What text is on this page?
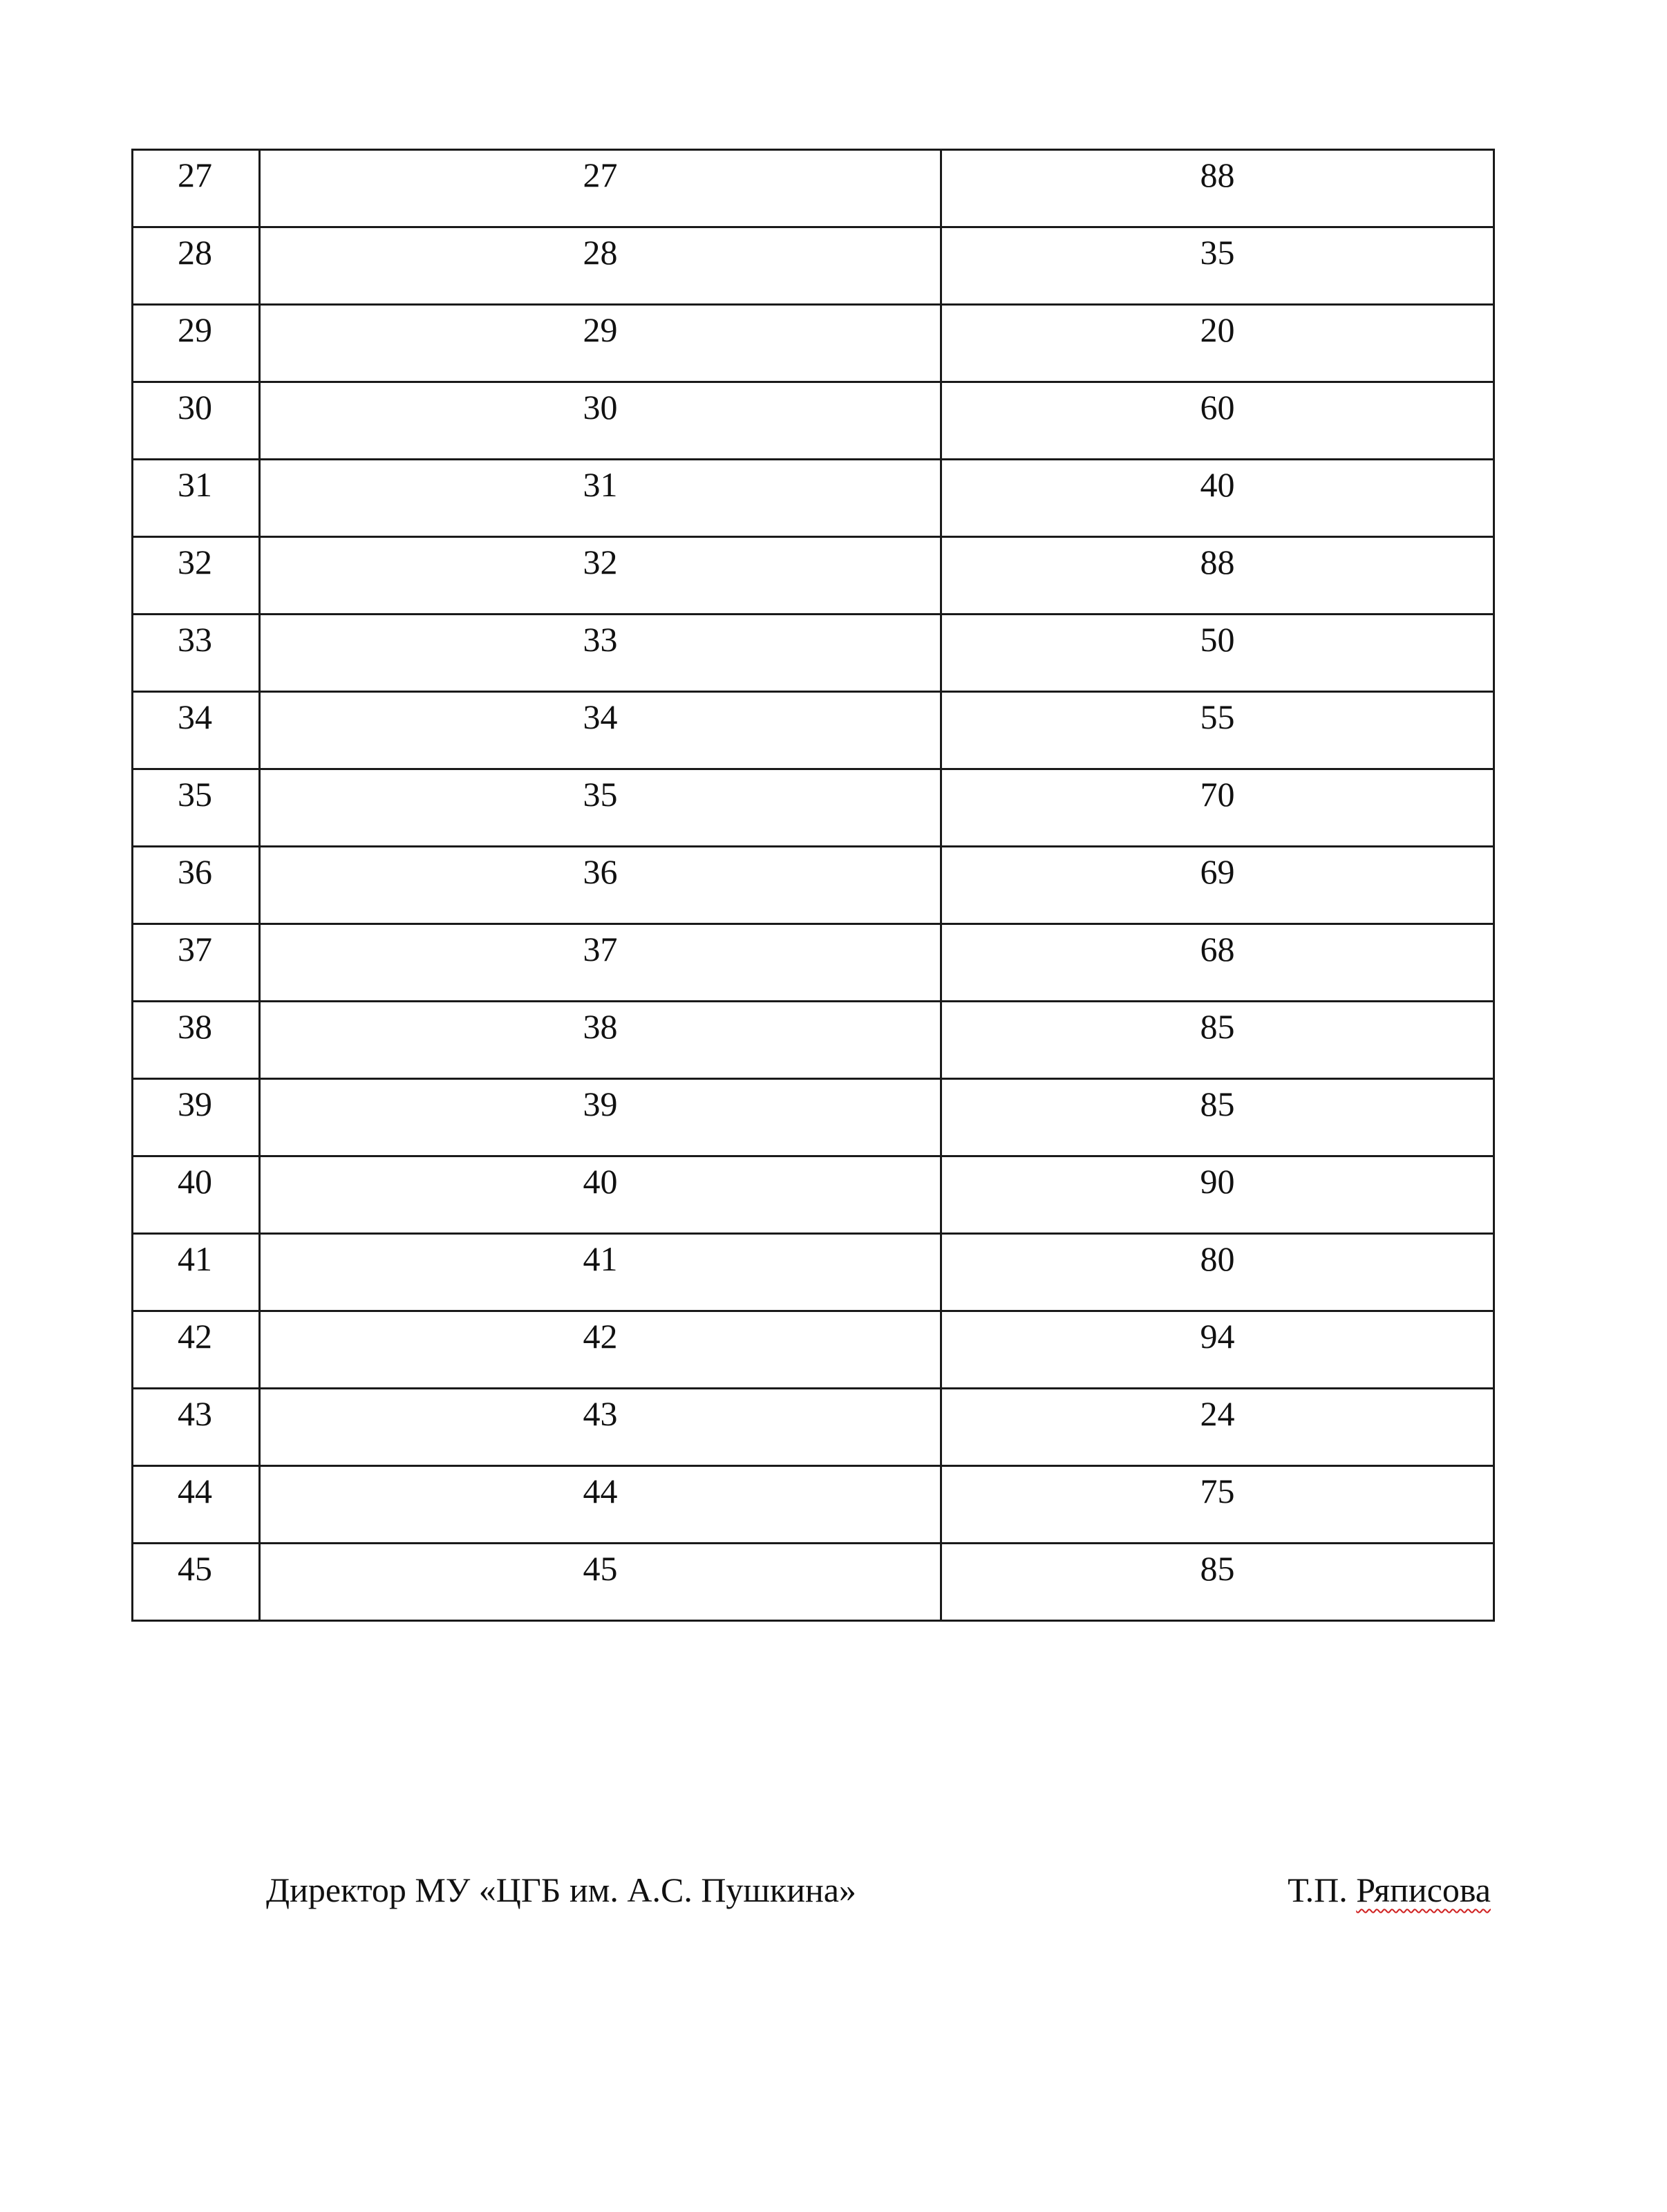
27	27	88
28	28	35
29	29	20
30	30	60
31	31	40
32	32	88
33	33	50
34	34	55
35	35	70
36	36	69
37	37	68
38	38	85
39	39	85
40	40	90
41	41	80
42	42	94
43	43	24
44	44	75
45	45	85
Директор МУ «ЦГБ им. А.С. Пушкина»	Т.П. Ряписова
